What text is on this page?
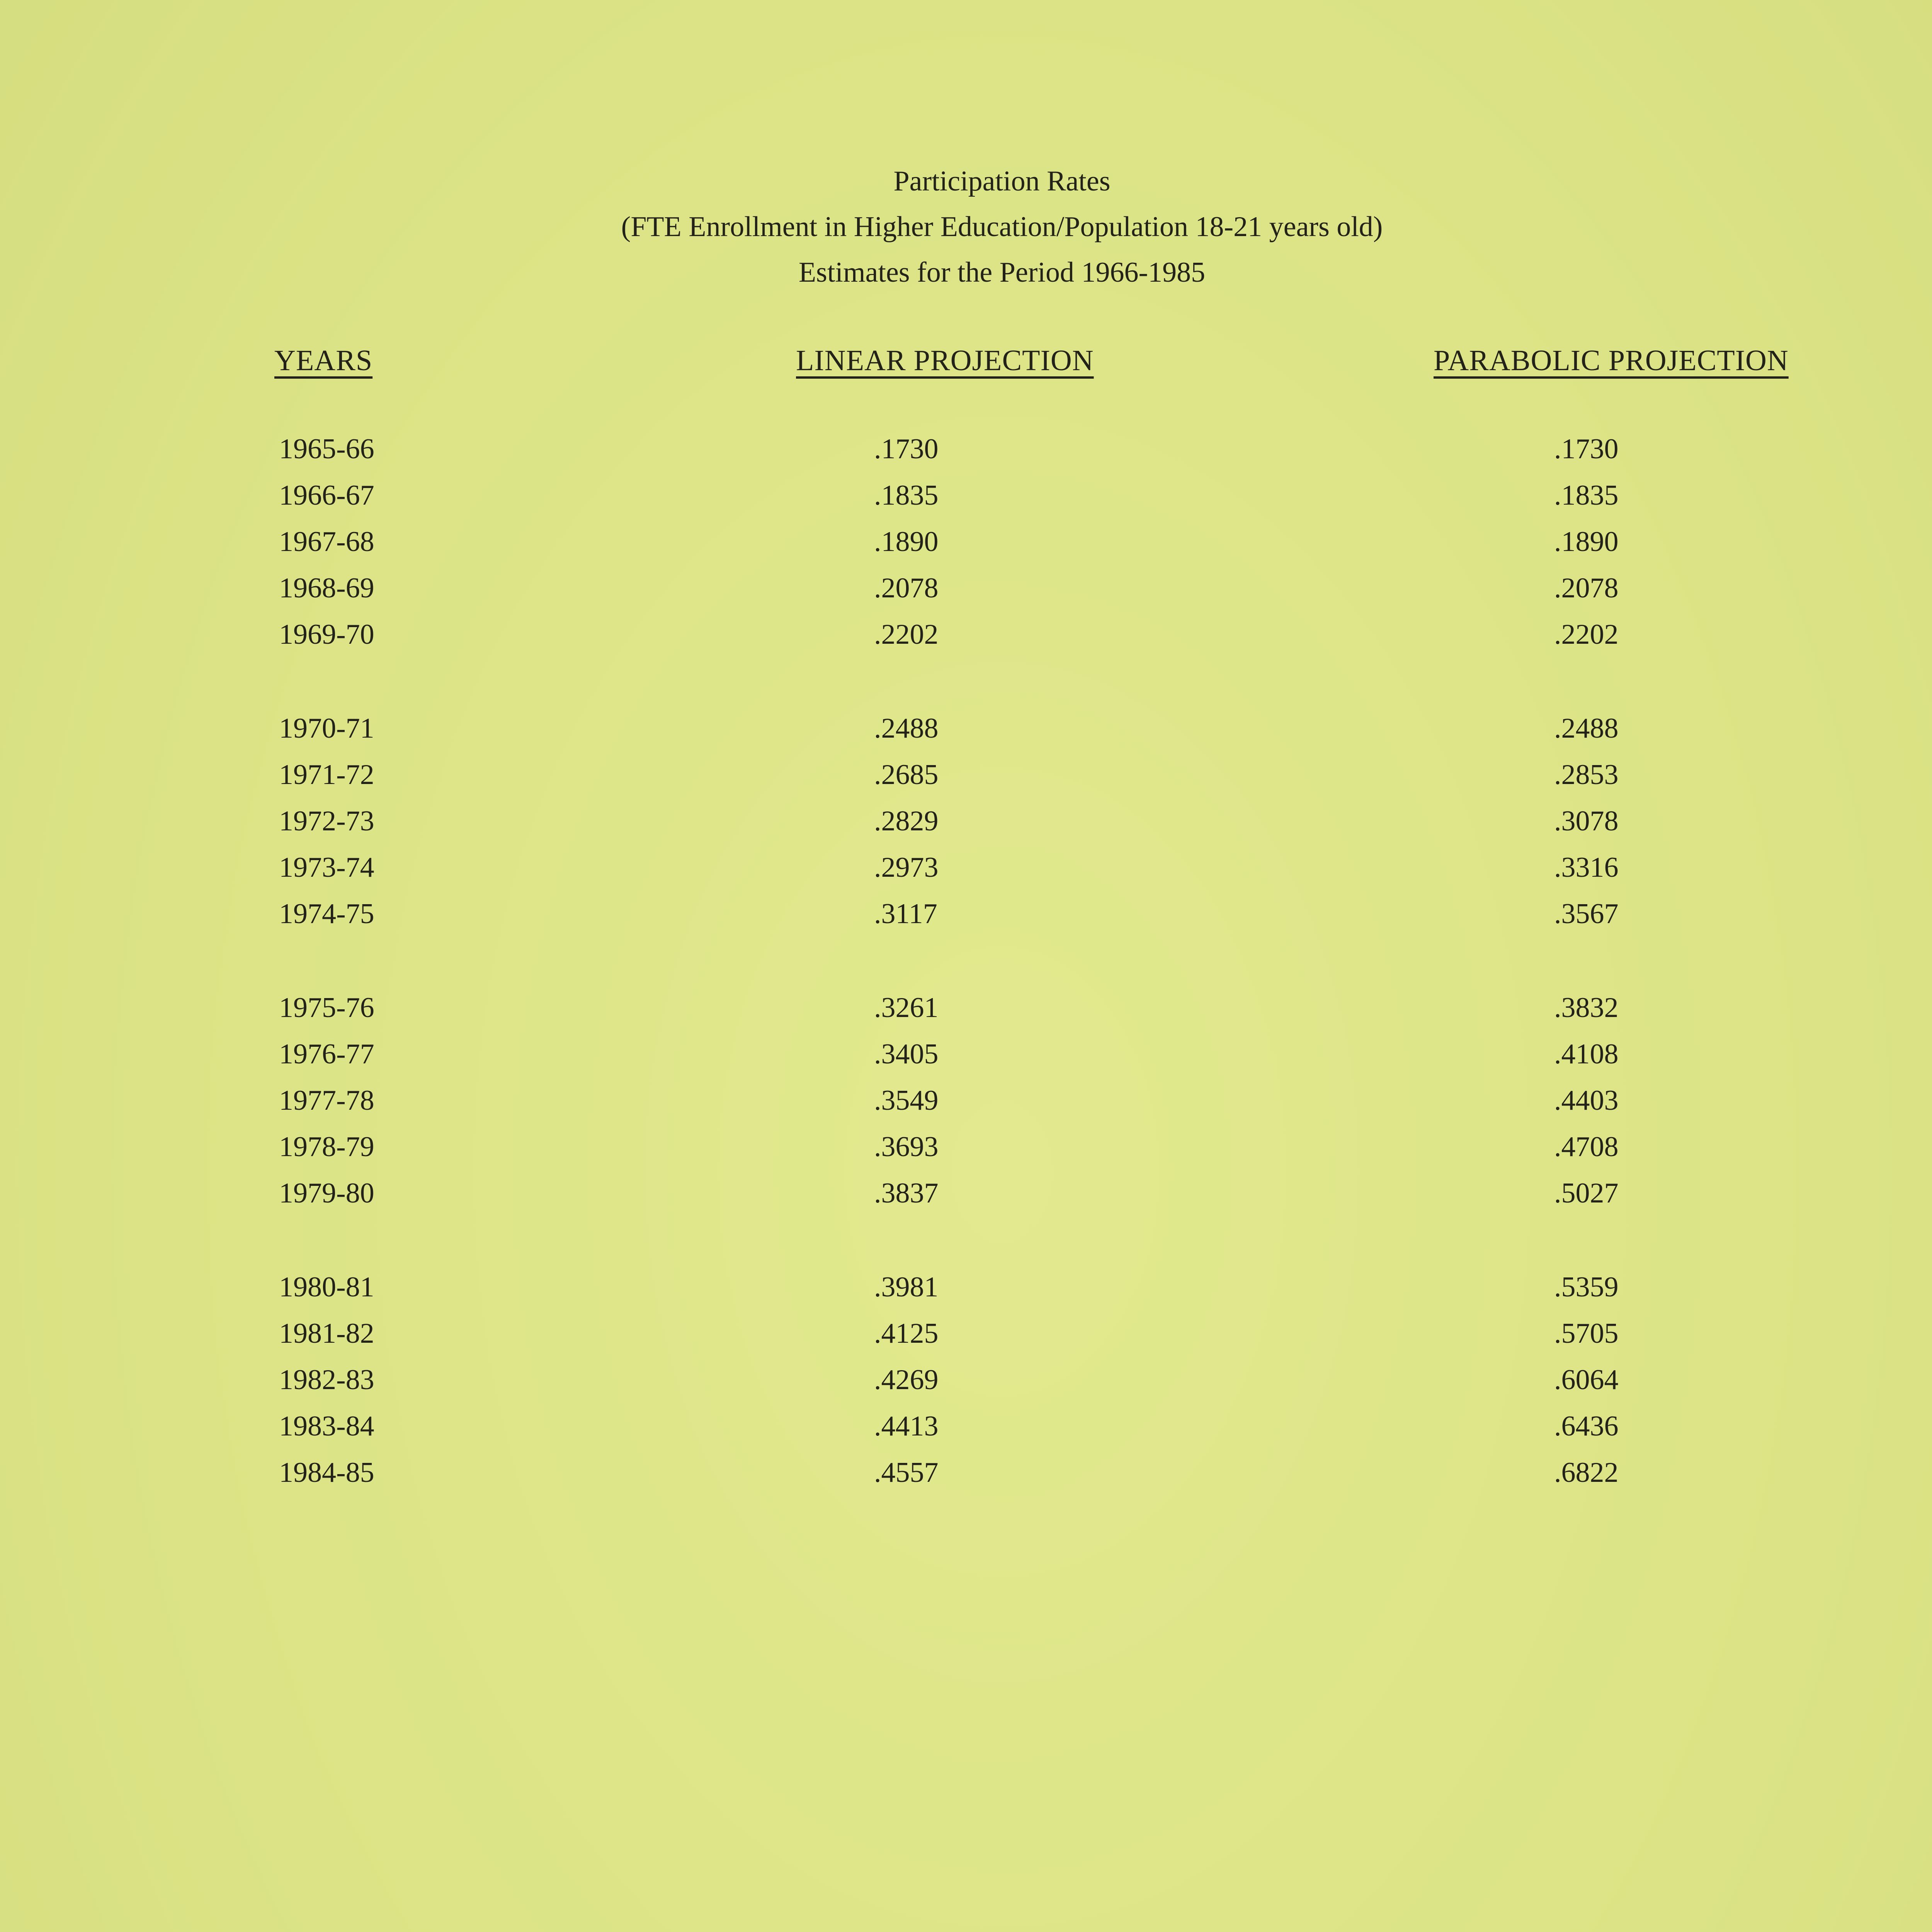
Participation Rates
(FTE Enrollment in Higher Education/Population 18-21 years old)
Estimates for the Period 1966-1985
YEARS	LINEAR PROJECTION	PARABOLIC PROJECTION
1965-66	.1730	.1730
1966-67	.1835	.1835
1967-68	.1890	.1890
1968-69	.2078	.2078
1969-70	.2202	.2202
1970-71	.2488	.2488
1971-72	.2685	.2853
1972-73	.2829	.3078
1973-74	.2973	.3316
1974-75	.3117	.3567
1975-76	.3261	.3832
1976-77	.3405	.4108
1977-78	.3549	.4403
1978-79	.3693	.4708
1979-80	.3837	.5027
1980-81	.3981	.5359
1981-82	.4125	.5705
1982-83	.4269	.6064
1983-84	.4413	.6436
1984-85	.4557	.6822
